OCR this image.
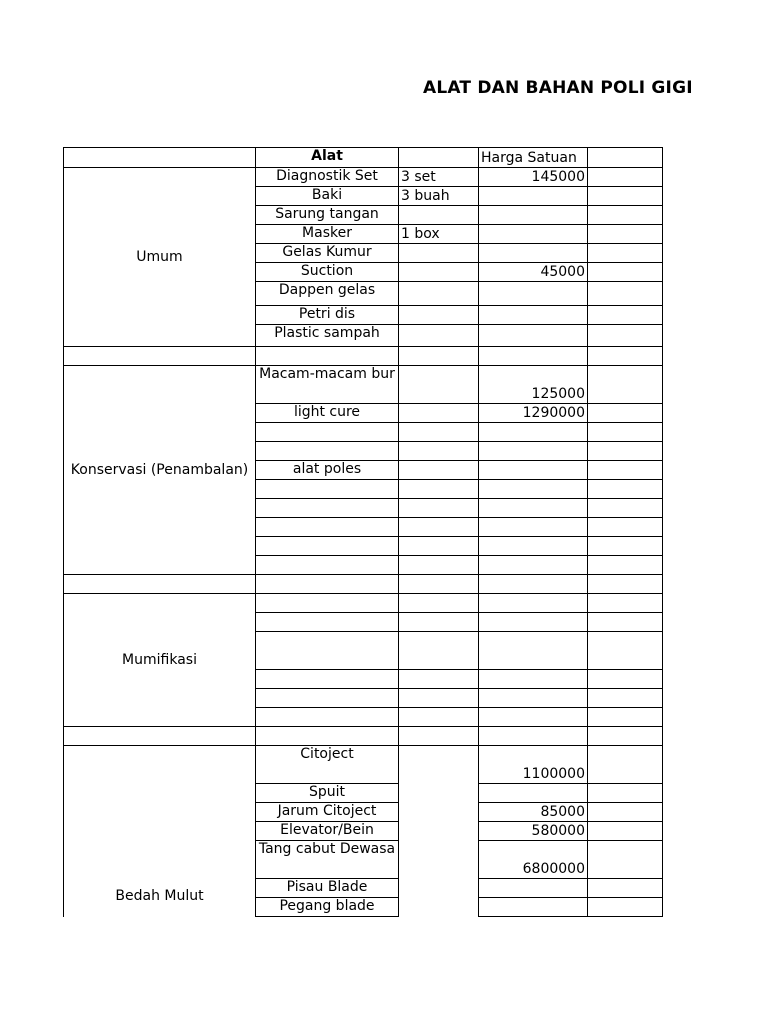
ALAT DAN BAHAN POLI GIGI
	Alat		Harga Satuan	
Umum	Diagnostik Set	3 set	145000	
	Baki	3 buah		
	Sarung tangan			
	Masker	1 box		
	Gelas Kumur			
	Suction		45000	
	Dappen gelas			
	Petri dis			
	Plastic sampah			

Konservasi (Penambalan)	Macam-macam bur		125000	
	light cure		1290000	

	alat poles			

Mumifikasi				

Bedah Mulut	Citoject		1100000	
	Spuit			
	Jarum Citoject		85000	
	Elevator/Bein		580000	
	Tang cabut Dewasa		6800000	
	Pisau Blade			
	Pegang blade			
